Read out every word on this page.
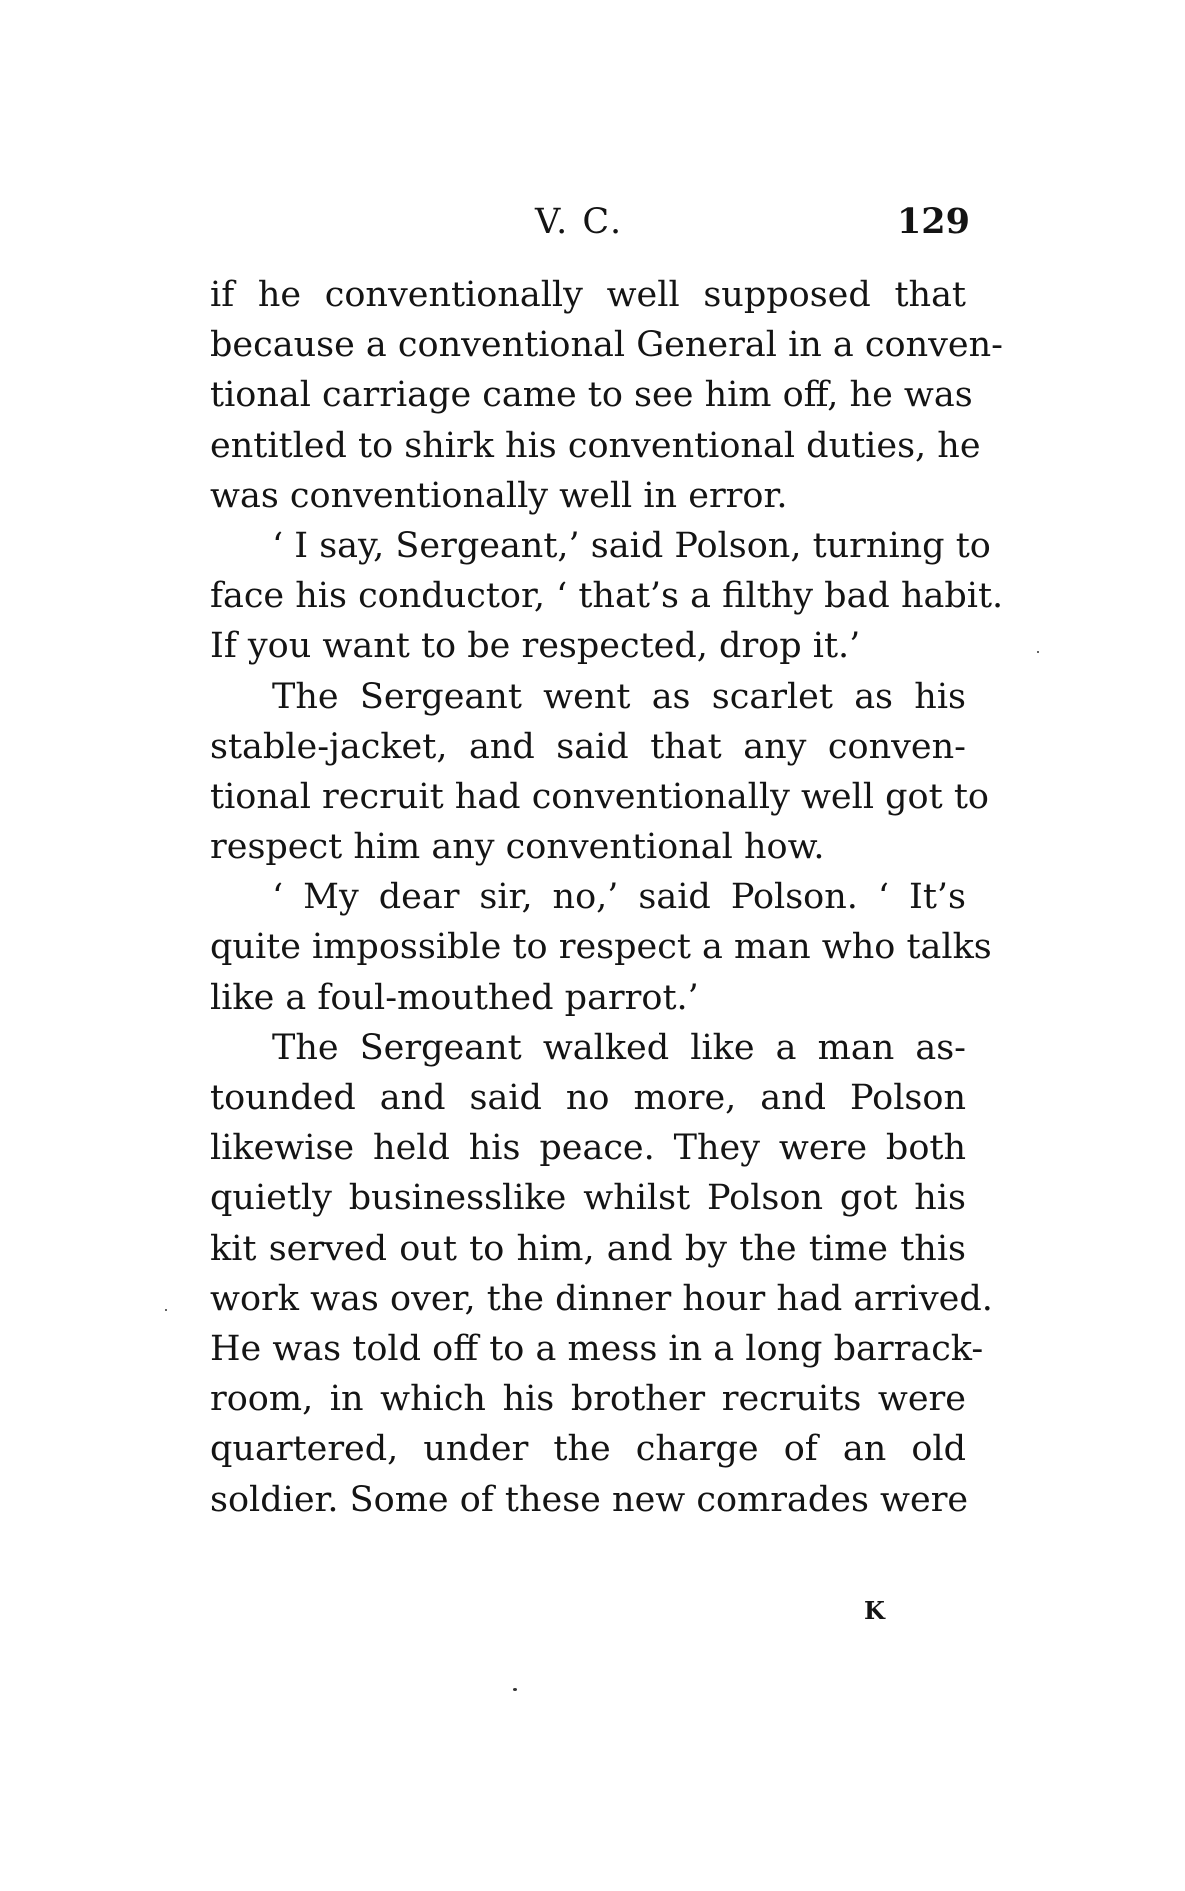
V. C.	129
if he conventionally well supposed that
because a conventional General in a conven-
tional carriage came to see him off, he was
entitled to shirk his conventional duties, he
was conventionally well in error.
‘ I say, Sergeant,’ said Polson, turning to
face his conductor, ‘ that’s a filthy bad habit.
If you want to be respected, drop it.’
The Sergeant went as scarlet as his
stable-jacket, and said that any conven-
tional recruit had conventionally well got to
respect him any conventional how.
‘ My dear sir, no,’ said Polson. ‘ It’s
quite impossible to respect a man who talks
like a foul-mouthed parrot.’
The Sergeant walked like a man as-
tounded and said no more, and Polson
likewise held his peace. They were both
quietly businesslike whilst Polson got his
kit served out to him, and by the time this
work was over, the dinner hour had arrived.
He was told off to a mess in a long barrack-
room, in which his brother recruits were
quartered, under the charge of an old
soldier. Some of these new comrades were
K
